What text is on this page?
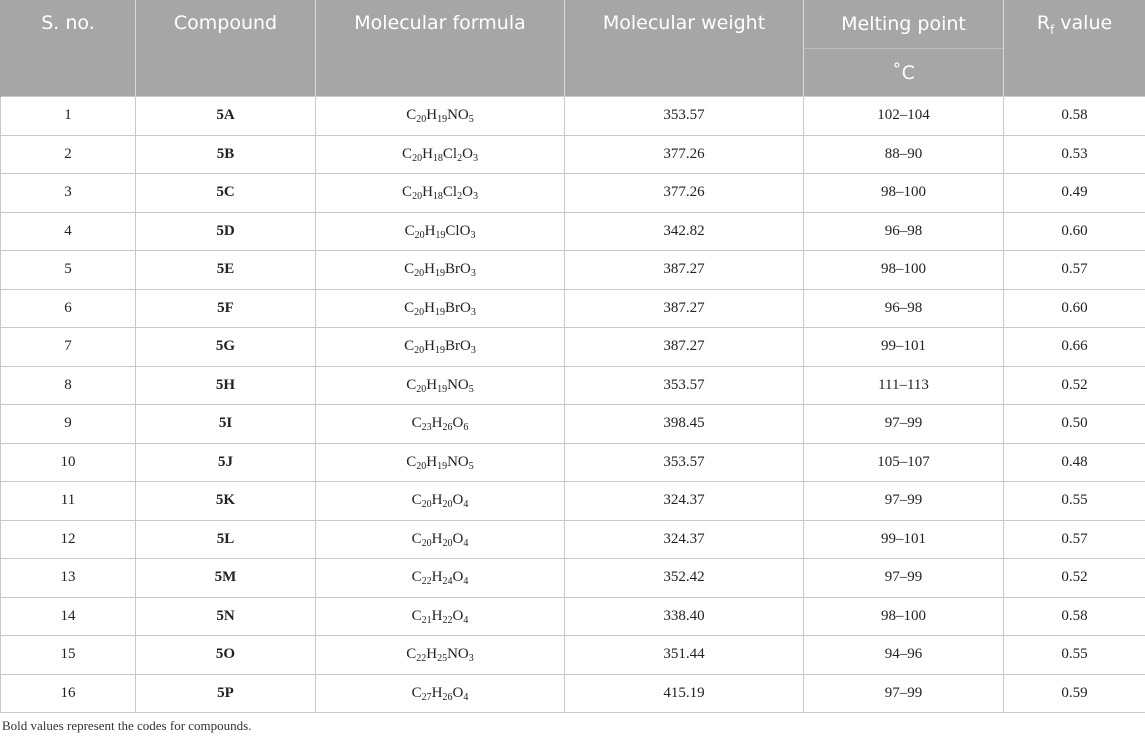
S. no.	Compound	Molecular formula	Molecular weight	Melting point	$R_f$ value
				˚C	
1	5A	$C_{20}H_{19}NO_5$	353.57	102–104	0.58
2	5B	$C_{20}H_{18}Cl_2O_3$	377.26	88–90	0.53
3	5C	$C_{20}H_{18}Cl_2O_3$	377.26	98–100	0.49
4	5D	$C_{20}H_{19}ClO_3$	342.82	96–98	0.60
5	5E	$C_{20}H_{19}BrO_3$	387.27	98–100	0.57
6	5F	$C_{20}H_{19}BrO_3$	387.27	96–98	0.60
7	5G	$C_{20}H_{19}BrO_3$	387.27	99–101	0.66
8	5H	$C_{20}H_{19}NO_5$	353.57	111–113	0.52
9	5I	$C_{23}H_{26}O_6$	398.45	97–99	0.50
10	5J	$C_{20}H_{19}NO_5$	353.57	105–107	0.48
11	5K	$C_{20}H_{20}O_4$	324.37	97–99	0.55
12	5L	$C_{20}H_{20}O_4$	324.37	99–101	0.57
13	5M	$C_{22}H_{24}O_4$	352.42	97–99	0.52
14	5N	$C_{21}H_{22}O_4$	338.40	98–100	0.58
15	5O	$C_{22}H_{25}NO_3$	351.44	94–96	0.55
16	5P	$C_{27}H_{26}O_4$	415.19	97–99	0.59
Bold values represent the codes for compounds.
